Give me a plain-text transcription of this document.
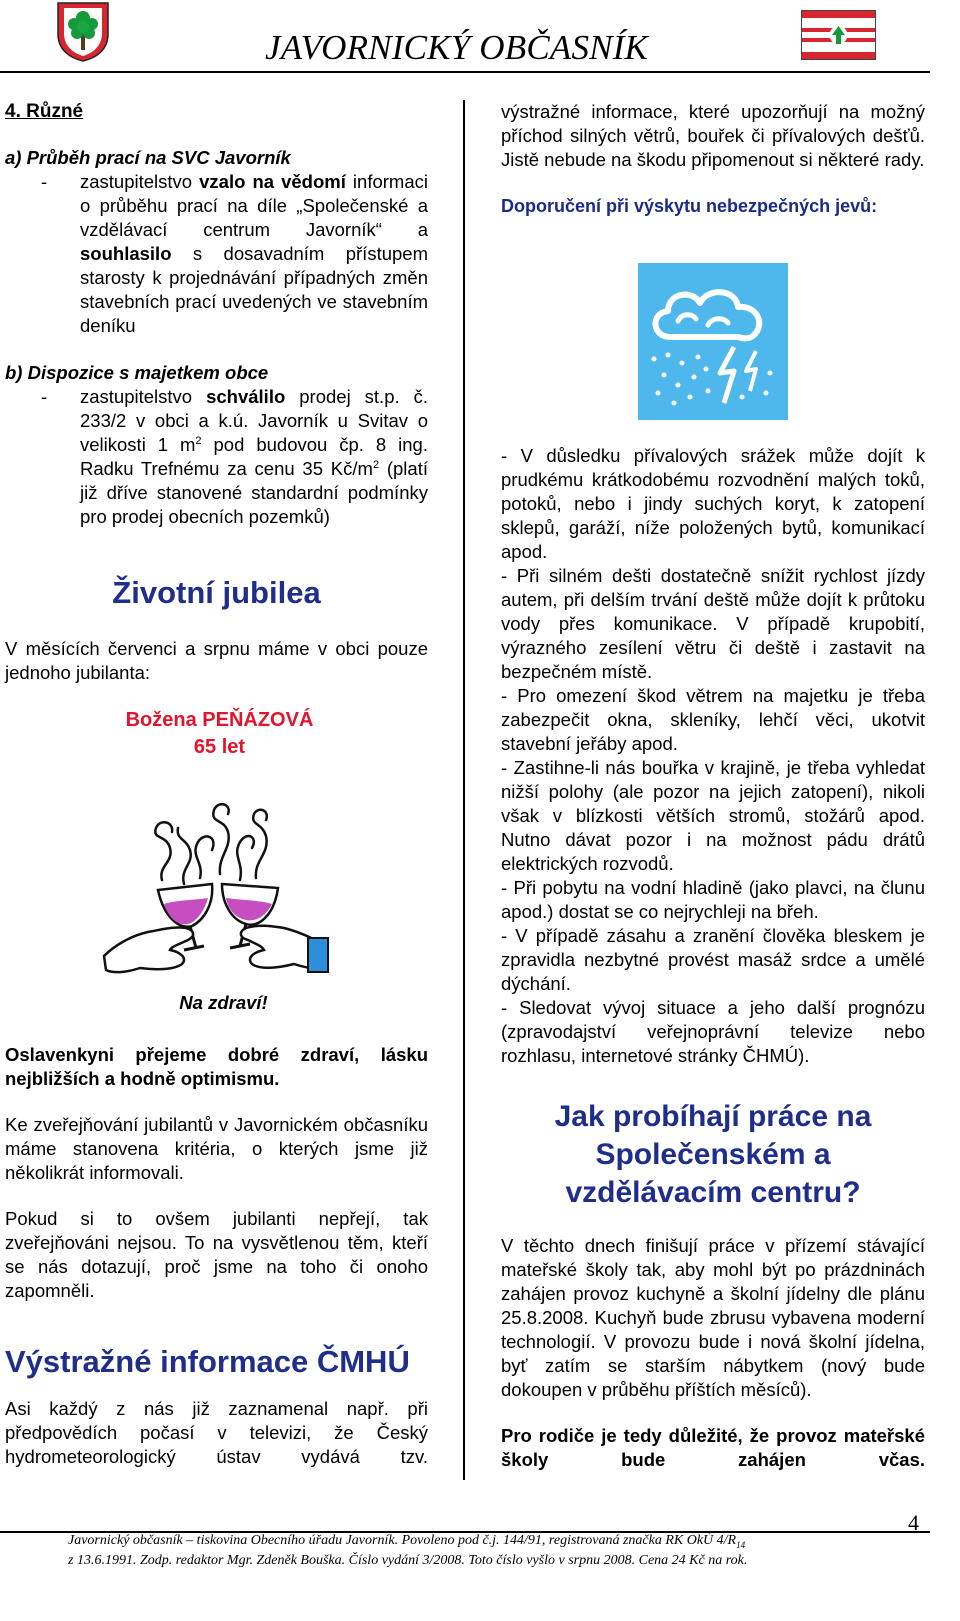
JAVORNICKÝ OBČASNÍK
4. Různé
a) Průběh prací na SVC Javorník
-	zastupitelstvo vzalo na vědomí informaci o průběhu prací na díle „Společenské a vzdělávací centrum Javorník“ a souhlasilo s dosavadním přístupem starosty k projednávání případných změn stavebních prací uvedených ve stavebním deníku

b) Dispozice s majetkem obce
-	zastupitelstvo schválilo prodej st.p. č. 233/2 v obci a k.ú. Javorník u Svitav o velikosti 1 $m^2$ pod budovou čp. 8 ing. Radku Trefnému za cenu 35 $Kč/m^2$ (platí již dříve stanovené standardní podmínky pro prodej obecních pozemků)

Životní jubilea

V měsících červenci a srpnu máme v obci pouze jednoho jubilanta:

Božena PEŇÁZOVÁ
65 let
Na zdraví!

Oslavenkyni přejeme dobré zdraví, lásku nejbližších a hodně optimismu.

Ke zveřejňování jubilantů v Javornickém občasníku máme stanovena kritéria, o kterých jsme již několikrát informovali.

Pokud si to ovšem jubilanti nepřejí, tak zveřejňováni nejsou. To na vysvětlenou těm, kteří se nás dotazují, proč jsme na toho či onoho zapomněli.

Výstražné informace ČMHÚ

Asi každý z nás již zaznamenal např. při předpovědích počasí v televizi, že Český hydrometeorologický ústav vydává tzv.

výstražné informace, které upozorňují na možný příchod silných větrů, bouřek či přívalových dešťů. Jistě nebude na škodu připomenout si některé rady.

Doporučení při výskytu nebezpečných jevů:
- V důsledku přívalových srážek může dojít k prudkému krátkodobému rozvodnění malých toků, potoků, nebo i jindy suchých koryt, k zatopení sklepů, garáží, níže položených bytů, komunikací apod.
- Při silném dešti dostatečně snížit rychlost jízdy autem, při delším trvání deště může dojít k průtoku vody přes komunikace. V případě krupobití, výrazného zesílení větru či deště i zastavit na bezpečném místě.
- Pro omezení škod větrem na majetku je třeba zabezpečit okna, skleníky, lehčí věci, ukotvit stavební jeřáby apod.
- Zastihne-li nás bouřka v krajině, je třeba vyhledat nižší polohy (ale pozor na jejich zatopení), nikoli však v blízkosti větších stromů, stožárů apod. Nutno dávat pozor i na možnost pádu drátů elektrických rozvodů.
- Při pobytu na vodní hladině (jako plavci, na člunu apod.) dostat se co nejrychleji na břeh.
- V případě zásahu a zranění člověka bleskem je zpravidla nezbytné provést masáž srdce a umělé dýchání.
- Sledovat vývoj situace a jeho další prognózu (zpravodajství veřejnoprávní televize nebo rozhlasu, internetové stránky ČHMÚ).
Jak probíhají práce na Společenském a vzdělávacím centru?

V těchto dnech finišují práce v přízemí stávající mateřské školy tak, aby mohl být po prázdninách zahájen provoz kuchyně a školní jídelny dle plánu 25.8.2008. Kuchyň bude zbrusu vybavena moderní technologií. V provozu bude i nová školní jídelna, byť zatím se starším nábytkem (nový bude dokoupen v průběhu příštích měsíců).

Pro rodiče je tedy důležité, že provoz mateřské školy bude zahájen včas.

Javornický občasník – tiskovina Obecního úřadu Javorník. Povoleno pod č.j. 144/91, registrovaná značka RK OkÚ $4/R_{14}$
z 13.6.1991. Zodp. redaktor Mgr. Zdeněk Bouška. Číslo vydání 3/2008. Toto číslo vyšlo v srpnu 2008. Cena 24 Kč na rok.
4
